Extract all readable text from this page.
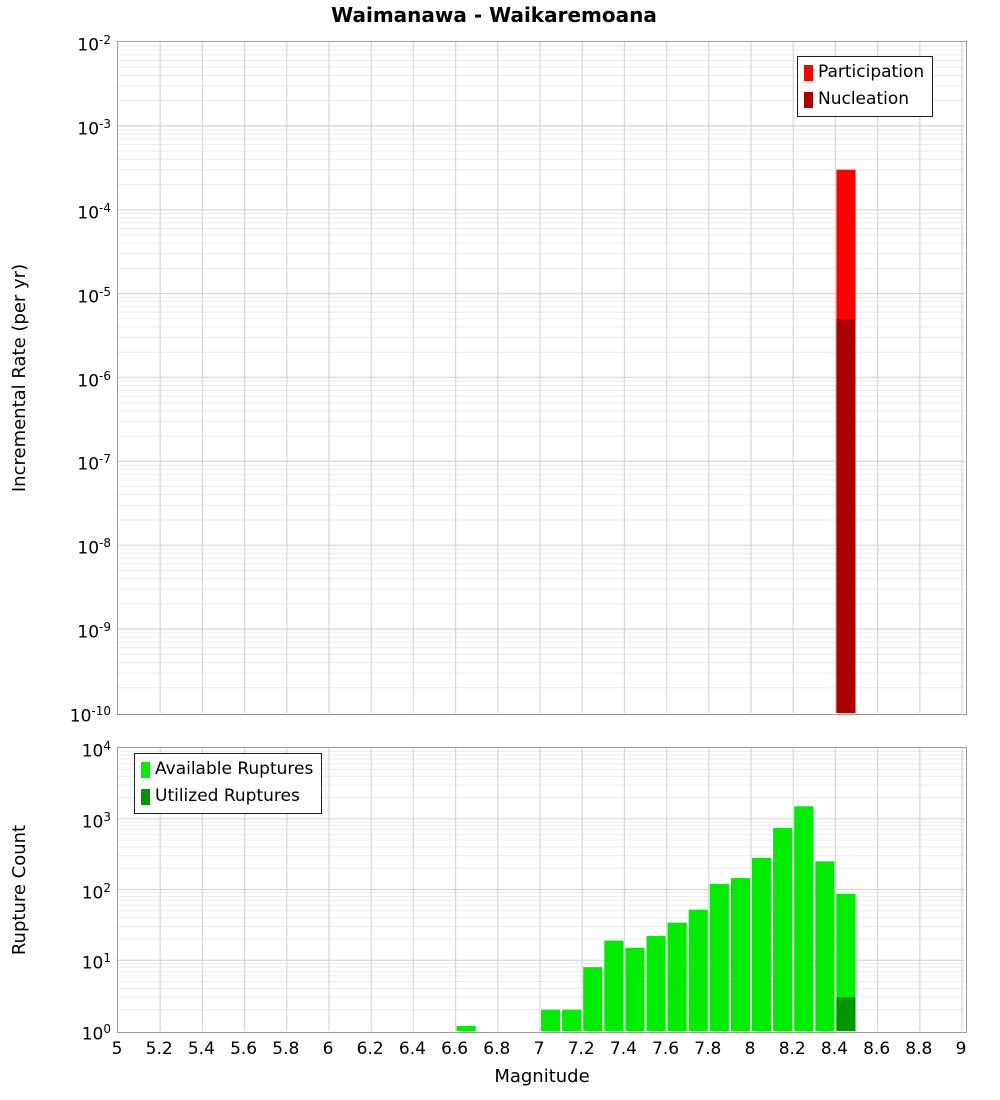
Waimanawa - Waikaremoana
Incremental Rate (per yr)
Rupture Count
Magnitude
Participation
Nucleation
Available Ruptures
Utilized Ruptures
$10^{-2}$
$10^{-3}$
$10^{-4}$
$10^{-5}$
$10^{-6}$
$10^{-7}$
$10^{-8}$
$10^{-9}$
$10^{-10}$
$10^4$
$10^3$
$10^2$
$10^1$
$10^0$
5	5.2 5.4 5.6 5.8	6	6.2 6.4 6.6 6.8	7	7.2 7.4 7.6 7.8	8	8.2 8.4 8.6 8.8	9
